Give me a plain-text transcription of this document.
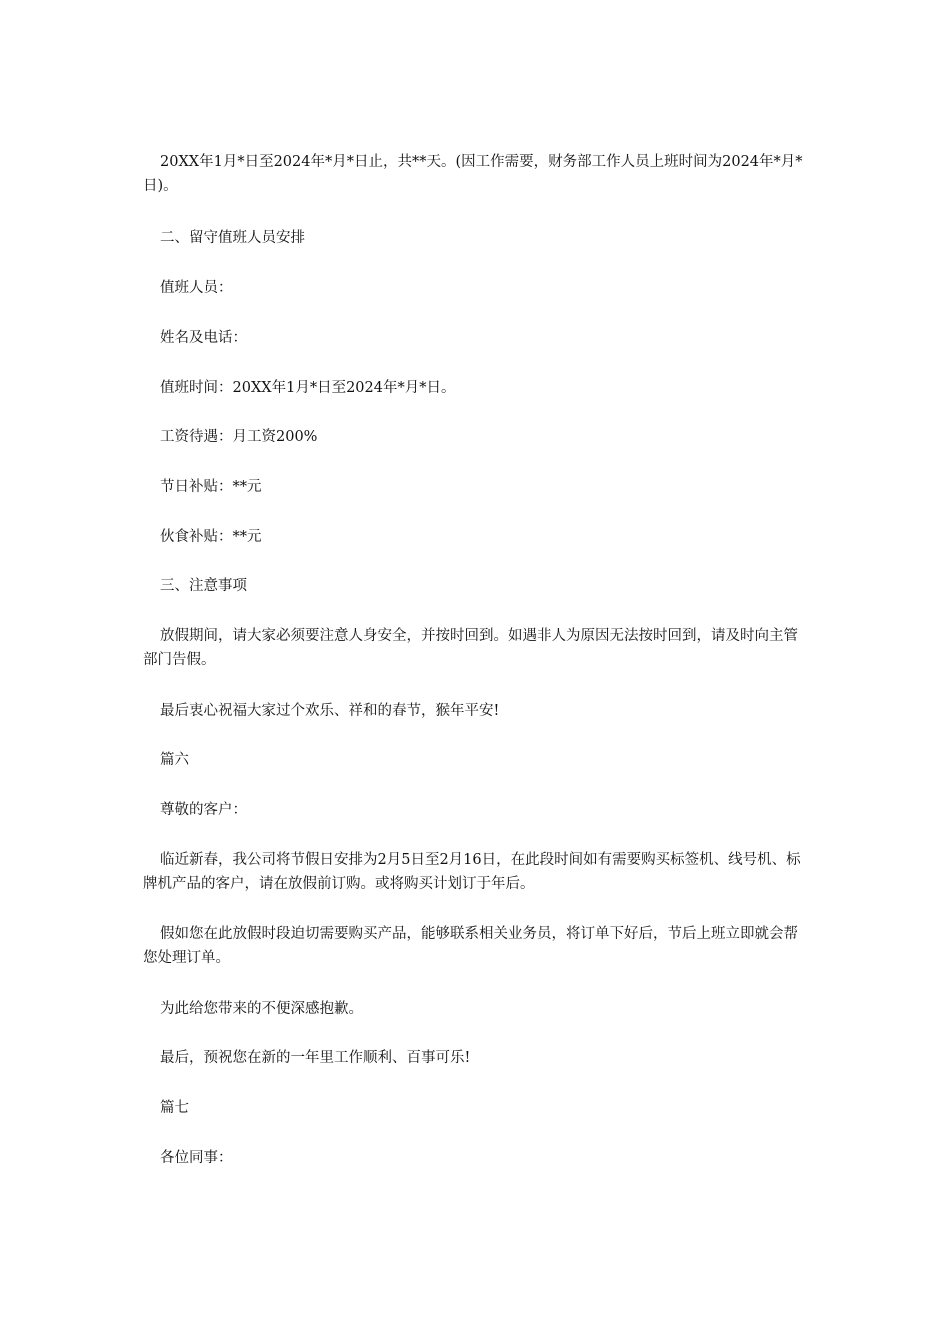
20XX年1月*日至2024年*月*日止，共**天。(因工作需要，财务部工作人员上班时间为2024年*月*日)。

二、留守值班人员安排

值班人员：

姓名及电话：

值班时间：20XX年1月*日至2024年*月*日。

工资待遇：月工资200%

节日补贴：**元

伙食补贴：**元

三、注意事项

放假期间，请大家必须要注意人身安全，并按时回到。如遇非人为原因无法按时回到，请及时向主管部门告假。

最后衷心祝福大家过个欢乐、祥和的春节，猴年平安!

篇六

尊敬的客户：

临近新春，我公司将节假日安排为2月5日至2月16日，在此段时间如有需要购买标签机、线号机、标牌机产品的客户，请在放假前订购。或将购买计划订于年后。

假如您在此放假时段迫切需要购买产品，能够联系相关业务员，将订单下好后，节后上班立即就会帮您处理订单。

为此给您带来的不便深感抱歉。

最后，预祝您在新的一年里工作顺利、百事可乐!

篇七

各位同事：
